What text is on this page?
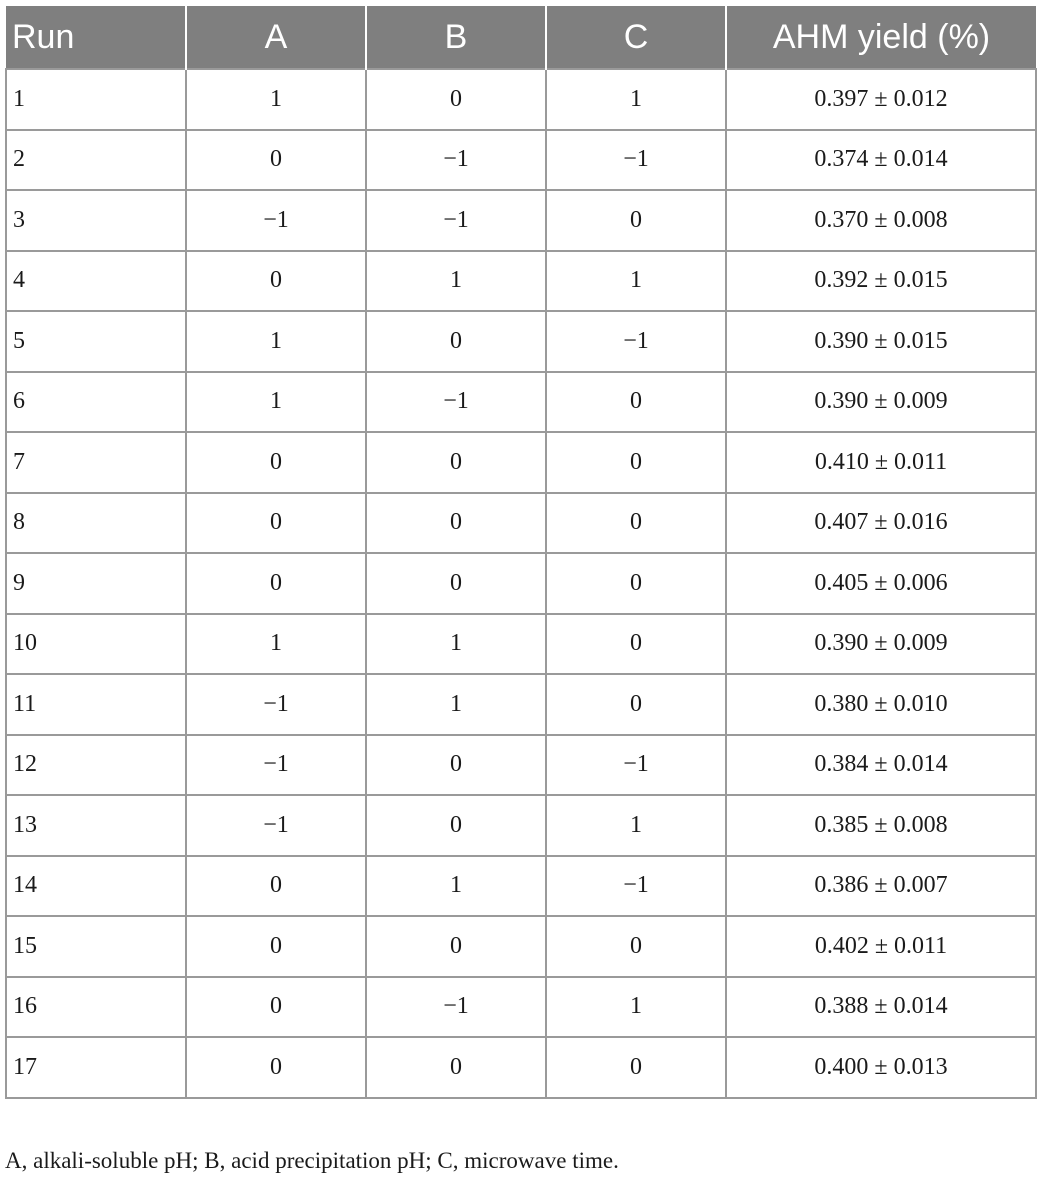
Run	A	B	C	AHM yield (%)
1	1	0	1	0.397 ± 0.012
2	0	−1	−1	0.374 ± 0.014
3	−1	−1	0	0.370 ± 0.008
4	0	1	1	0.392 ± 0.015
5	1	0	−1	0.390 ± 0.015
6	1	−1	0	0.390 ± 0.009
7	0	0	0	0.410 ± 0.011
8	0	0	0	0.407 ± 0.016
9	0	0	0	0.405 ± 0.006
10	1	1	0	0.390 ± 0.009
11	−1	1	0	0.380 ± 0.010
12	−1	0	−1	0.384 ± 0.014
13	−1	0	1	0.385 ± 0.008
14	0	1	−1	0.386 ± 0.007
15	0	0	0	0.402 ± 0.011
16	0	−1	1	0.388 ± 0.014
17	0	0	0	0.400 ± 0.013
A, alkali-soluble pH; B, acid precipitation pH; C, microwave time.
